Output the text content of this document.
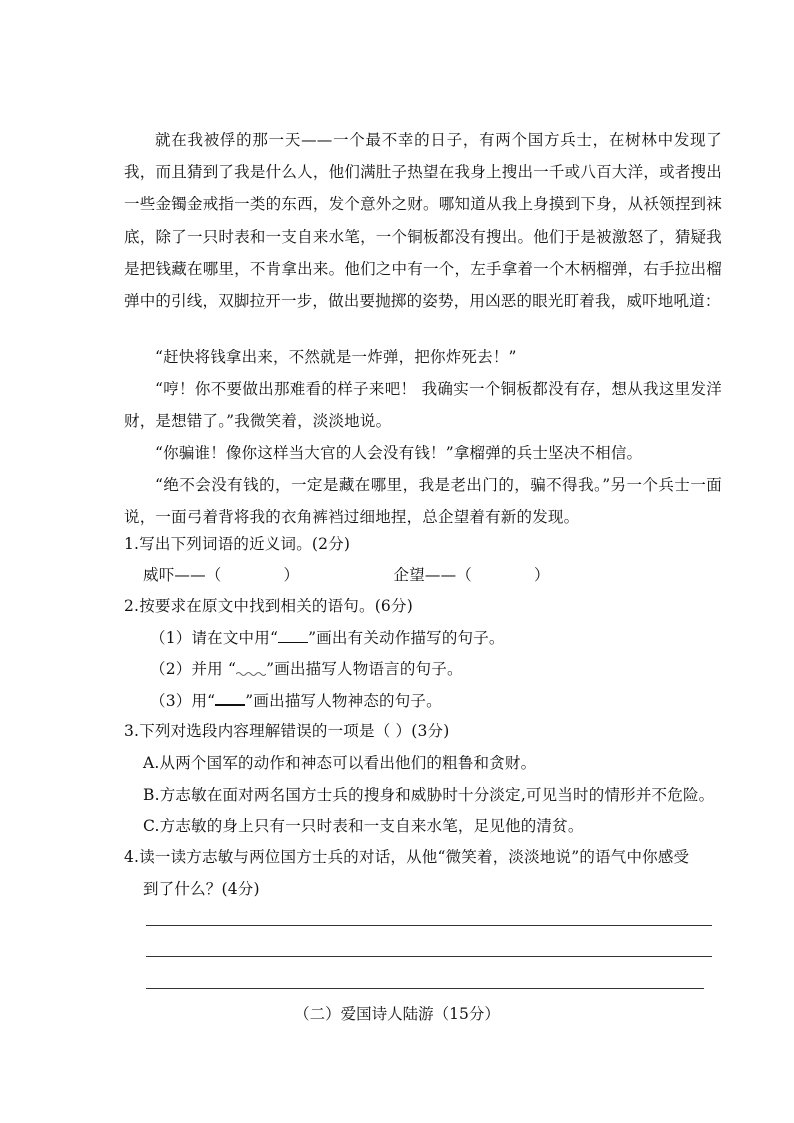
就在我被俘的那一天——一个最不幸的日子，有两个国方兵士，在树林中发现了我，而且猜到了我是什么人，他们满肚子热望在我身上搜出一千或八百大洋，或者搜出一些金镯金戒指一类的东西，发个意外之财。哪知道从我上身摸到下身，从袄领捏到袜底，除了一只时表和一支自来水笔，一个铜板都没有搜出。他们于是被激怒了，猜疑我是把钱藏在哪里，不肯拿出来。他们之中有一个，左手拿着一个木柄榴弹，右手拉出榴弹中的引线，双脚拉开一步，做出要抛掷的姿势，用凶恶的眼光盯着我，威吓地吼道：

“赶快将钱拿出来，不然就是一炸弹，把你炸死去！”

“哼！你不要做出那难看的样子来吧！ 我确实一个铜板都没有存，想从我这里发洋财，是想错了。”我微笑着，淡淡地说。

“你骗谁！像你这样当大官的人会没有钱！”拿榴弹的兵士坚决不相信。

“绝不会没有钱的，一定是藏在哪里，我是老出门的，骗不得我。”另一个兵士一面说，一面弓着背将我的衣角裤裆过细地捏，总企望着有新的发现。

1.写出下列词语的近义词。(2分)
威吓——（	）	企望——（	）
2.按要求在原文中找到相关的语句。(6分)
（1）请在文中用“ ”画出有关动作描写的句子。
（2）并用 “ ”画出描写人物语言的句子。
（3）用“ ”画出描写人物神态的句子。
3.下列对选段内容理解错误的一项是（ ）(3分)
A.从两个国军的动作和神态可以看出他们的粗鲁和贪财。
B.方志敏在面对两名国方士兵的搜身和威胁时十分淡定,可见当时的情形并不危险。
C.方志敏的身上只有一只时表和一支自来水笔，足见他的清贫。
4.读一读方志敏与两位国方士兵的对话，从他“微笑着，淡淡地说”的语气中你感受
到了什么？(4分)
（二）爱国诗人陆游（15分）
